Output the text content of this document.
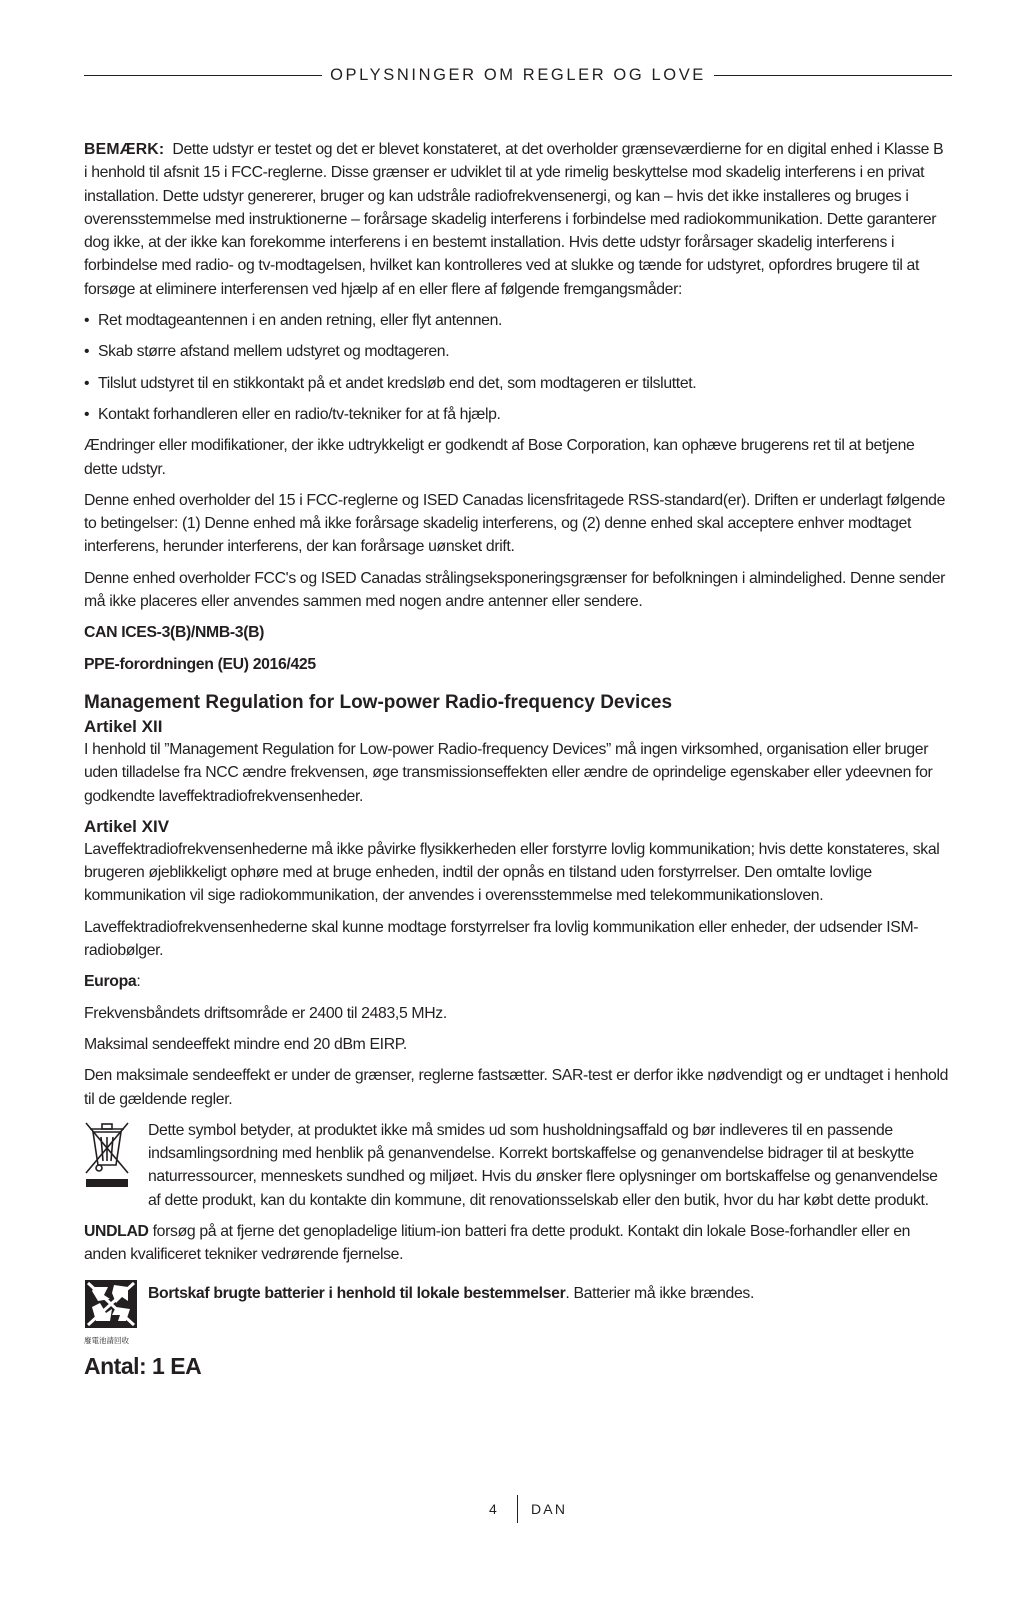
OPLYSNINGER OM REGLER OG LOVE

BEMÆRK: Dette udstyr er testet og det er blevet konstateret, at det overholder grænseværdierne for en digital enhed i Klasse B i henhold til afsnit 15 i FCC-reglerne. Disse grænser er udviklet til at yde rimelig beskyttelse mod skadelig interferens i en privat installation. Dette udstyr genererer, bruger og kan udstråle radiofrekvensenergi, og kan – hvis det ikke installeres og bruges i overensstemmelse med instruktionerne – forårsage skadelig interferens i forbindelse med radiokommunikation. Dette garanterer dog ikke, at der ikke kan forekomme interferens i en bestemt installation. Hvis dette udstyr forårsager skadelig interferens i forbindelse med radio- og tv-modtagelsen, hvilket kan kontrolleres ved at slukke og tænde for udstyret, opfordres brugere til at forsøge at eliminere interferensen ved hjælp af en eller flere af følgende fremgangsmåder:

• Ret modtageantennen i en anden retning, eller flyt antennen.
• Skab større afstand mellem udstyret og modtageren.
• Tilslut udstyret til en stikkontakt på et andet kredsløb end det, som modtageren er tilsluttet.
• Kontakt forhandleren eller en radio/tv-tekniker for at få hjælp.

Ændringer eller modifikationer, der ikke udtrykkeligt er godkendt af Bose Corporation, kan ophæve brugerens ret til at betjene dette udstyr.

Denne enhed overholder del 15 i FCC-reglerne og ISED Canadas licensfritagede RSS-standard(er). Driften er underlagt følgende to betingelser: (1) Denne enhed må ikke forårsage skadelig interferens, og (2) denne enhed skal acceptere enhver modtaget interferens, herunder interferens, der kan forårsage uønsket drift.

Denne enhed overholder FCC's og ISED Canadas strålingseksponeringsgrænser for befolkningen i almindelighed. Denne sender må ikke placeres eller anvendes sammen med nogen andre antenner eller sendere.

CAN ICES-3(B)/NMB-3(B)

PPE-forordningen (EU) 2016/425

Management Regulation for Low-power Radio-frequency Devices
Artikel XII

I henhold til ”Management Regulation for Low-power Radio-frequency Devices” må ingen virksomhed, organisation eller bruger uden tilladelse fra NCC ændre frekvensen, øge transmissionseffekten eller ændre de oprindelige egenskaber eller ydeevnen for godkendte laveffektradiofrekvensenheder.

Artikel XIV

Laveffektradiofrekvensenhederne må ikke påvirke flysikkerheden eller forstyrre lovlig kommunikation; hvis dette konstateres, skal brugeren øjeblikkeligt ophøre med at bruge enheden, indtil der opnås en tilstand uden forstyrrelser. Den omtalte lovlige kommunikation vil sige radiokommunikation, der anvendes i overensstemmelse med telekommunikationsloven.

Laveffektradiofrekvensenhederne skal kunne modtage forstyrrelser fra lovlig kommunikation eller enheder, der udsender ISM-radiobølger.

Europa:

Frekvensbåndets driftsområde er 2400 til 2483,5 MHz.

Maksimal sendeeffekt mindre end 20 dBm EIRP.

Den maksimale sendeeffekt er under de grænser, reglerne fastsætter. SAR-test er derfor ikke nødvendigt og er undtaget i henhold til de gældende regler.

Dette symbol betyder, at produktet ikke må smides ud som husholdningsaffald og bør indleveres til en passende indsamlingsordning med henblik på genanvendelse. Korrekt bortskaffelse og genanvendelse bidrager til at beskytte naturressourcer, menneskets sundhed og miljøet. Hvis du ønsker flere oplysninger om bortskaffelse og genanvendelse af dette produkt, kan du kontakte din kommune, dit renovationsselskab eller den butik, hvor du har købt dette produkt.

UNDLAD forsøg på at fjerne det genopladelige litium-ion batteri fra dette produkt. Kontakt din lokale Bose-forhandler eller en anden kvalificeret tekniker vedrørende fjernelse.

廢電池請回收
Bortskaf brugte batterier i henhold til lokale bestemmelser. Batterier må ikke brændes.
Antal: 1 EA
4 DAN
